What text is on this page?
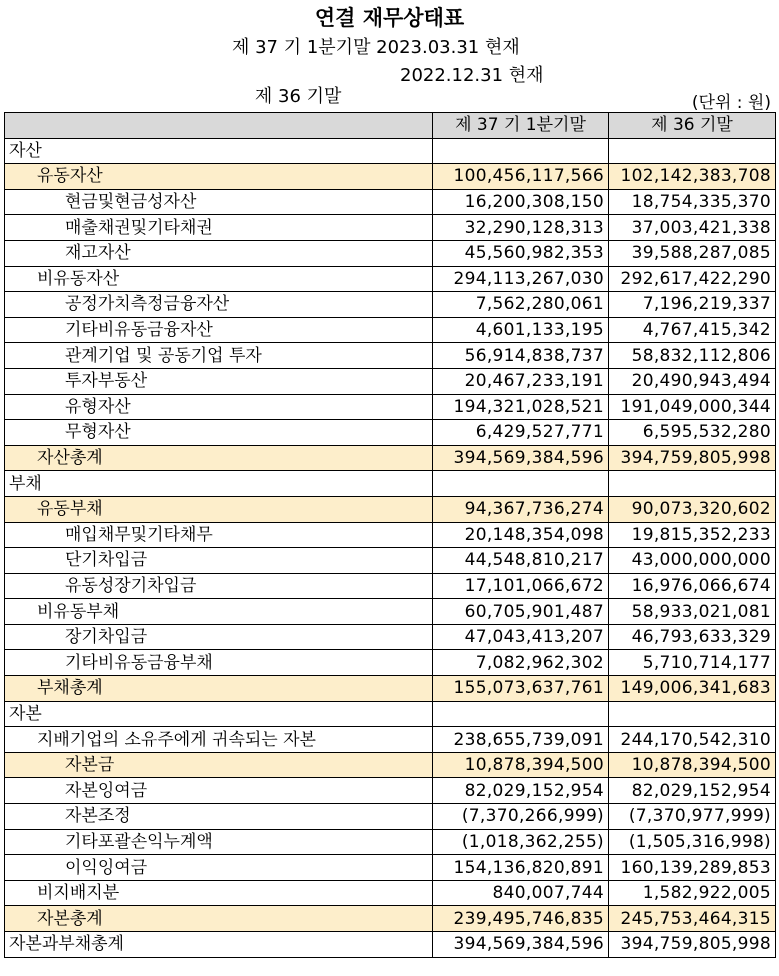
연결 재무상태표
제 37 기 1분기말 2023.03.31 현재

제 36 기말

2022.12.31 현재

(단위 : 원)
	제 37 기 1분기말	제 36 기말
자산		
유동자산	100,456,117,566	102,142,383,708
현금및현금성자산	16,200,308,150	18,754,335,370
매출채권및기타채권	32,290,128,313	37,003,421,338
재고자산	45,560,982,353	39,588,287,085
비유동자산	294,113,267,030	292,617,422,290
공정가치측정금융자산	7,562,280,061	7,196,219,337
기타비유동금융자산	4,601,133,195	4,767,415,342
관계기업 및 공동기업 투자	56,914,838,737	58,832,112,806
투자부동산	20,467,233,191	20,490,943,494
유형자산	194,321,028,521	191,049,000,344
무형자산	6,429,527,771	6,595,532,280
자산총계	394,569,384,596	394,759,805,998
부채		
유동부채	94,367,736,274	90,073,320,602
매입채무및기타채무	20,148,354,098	19,815,352,233
단기차입금	44,548,810,217	43,000,000,000
유동성장기차입금	17,101,066,672	16,976,066,674
비유동부채	60,705,901,487	58,933,021,081
장기차입금	47,043,413,207	46,793,633,329
기타비유동금융부채	7,082,962,302	5,710,714,177
부채총계	155,073,637,761	149,006,341,683
자본		
지배기업의 소유주에게 귀속되는 자본	238,655,739,091	244,170,542,310
자본금	10,878,394,500	10,878,394,500
자본잉여금	82,029,152,954	82,029,152,954
자본조정	(7,370,266,999)	(7,370,977,999)
기타포괄손익누계액	(1,018,362,255)	(1,505,316,998)
이익잉여금	154,136,820,891	160,139,289,853
비지배지분	840,007,744	1,582,922,005
자본총계	239,495,746,835	245,753,464,315
자본과부채총계	394,569,384,596	394,759,805,998
